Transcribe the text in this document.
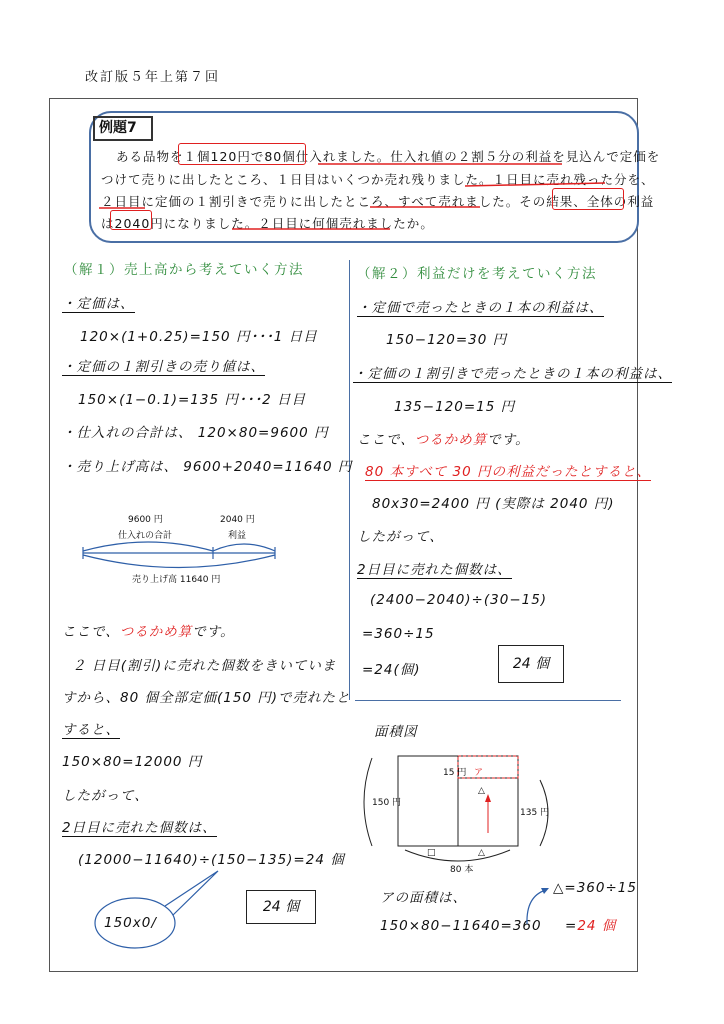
改訂版５年上第７回
例題7
ある品物を１個120円で80個仕入れました。仕入れ値の２割５分の利益を見込んで定価を
つけて売りに出したところ、１日目はいくつか売れ残りました。１日目に売れ残った分を、
２日目に定価の１割引きで売りに出したところ、すべて売れました。その結果、全体の利益
は2040円になりました。２日目に何個売れましたか。
（解１）売上高から考えていく方法
・定価は、
120×(1+0.25)=150 円･･･1 日目
・定価の１割引きの売り値は、
150×(1−0.1)=135 円･･･2 日目
・仕入れの合計は、 120×80=9600 円
・売り上げ高は、 9600+2040=11640 円
9600 円
仕入れの合計
2040 円
利益
売り上げ高 11640 円
ここで、つるかめ算です。
２ 日目(割引)に売れた個数をきいていま
すから、80 個全部定価(150 円)で売れたと
すると、
150×80=12000 円
したがって、
2日目に売れた個数は、
(12000−11640)÷(150−135)=24 個
150x0/
24 個
（解２）利益だけを考えていく方法
・定価で売ったときの１本の利益は、
150−120=30 円
・定価の１割引きで売ったときの１本の利益は、
135−120=15 円
ここで、つるかめ算です。
80 本すべて 30 円の利益だったとすると、
80x30=2400 円 (実際は 2040 円)
したがって、
2日目に売れた個数は、
(2400−2040)÷(30−15)
=360÷15
=24(個)	24 個
面積図
15 円 ア
150 円
135 円
△
□	△
80 本
アの面積は、
150×80−11640=360
△=360÷15
=24 個
